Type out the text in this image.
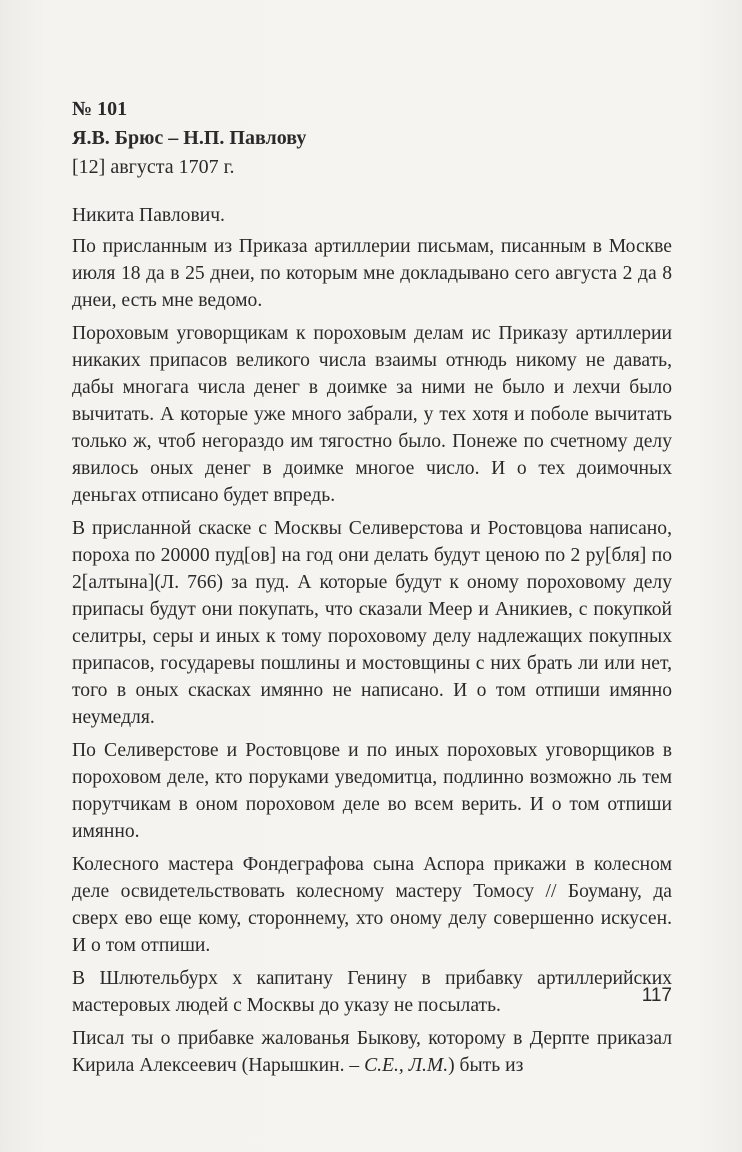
№ 101
Я.В. Брюс – Н.П. Павлову
[12] августа 1707 г.

Никита Павлович.

По присланным из Приказа артиллерии письмам, писанным в Москве июля 18 да в 25 днеи, по которым мне докладывано сего августа 2 да 8 днеи, есть мне ведомо.

Пороховым уговорщикам к пороховым делам ис Приказу артиллерии никаких припасов великого числа взаимы отнюдь никому не давать, дабы многага числа денег в доимке за ними не было и лехчи было вычитать. А которые уже много забрали, у тех хотя и поболе вычитать только ж, чтоб негораздо им тягостно было. Понеже по счетному делу явилось оных денег в доимке многое число. И о тех доимочных деньгах отписано будет впредь.

В присланной скаске с Москвы Селиверстова и Ростовцова написано, пороха по 20000 пуд[ов] на год они делать будут ценою по 2 ру[бля] по 2[алтына](Л. 766) за пуд. А которые будут к оному пороховому делу припасы будут они покупать, что сказали Меер и Аникиев, с покупкой селитры, серы и иных к тому пороховому делу надлежащих покупных припасов, государевы пошлины и мостовщины с них брать ли или нет, того в оных скасках имянно не написано. И о том отпиши имянно неумедля.

По Селиверстове и Ростовцове и по иных пороховых уговорщиков в пороховом деле, кто поруками уведомитца, подлинно возможно ль тем порутчикам в оном пороховом деле во всем верить. И о том отпиши имянно.

Колесного мастера Фондеграфова сына Аспора прикажи в колесном деле освидетельствовать колесному мастеру Томосу // Боуману, да сверх ево еще кому, стороннему, хто оному делу совершенно искусен. И о том отпиши.

В Шлютельбурх х капитану Генину в прибавку артиллерийских мастеровых людей с Москвы до указу не посылать.

Писал ты о прибавке жалованья Быкову, которому в Дерпте приказал Кирила Алексеевич (Нарышкин. – С.Е., Л.М.) быть из

117
